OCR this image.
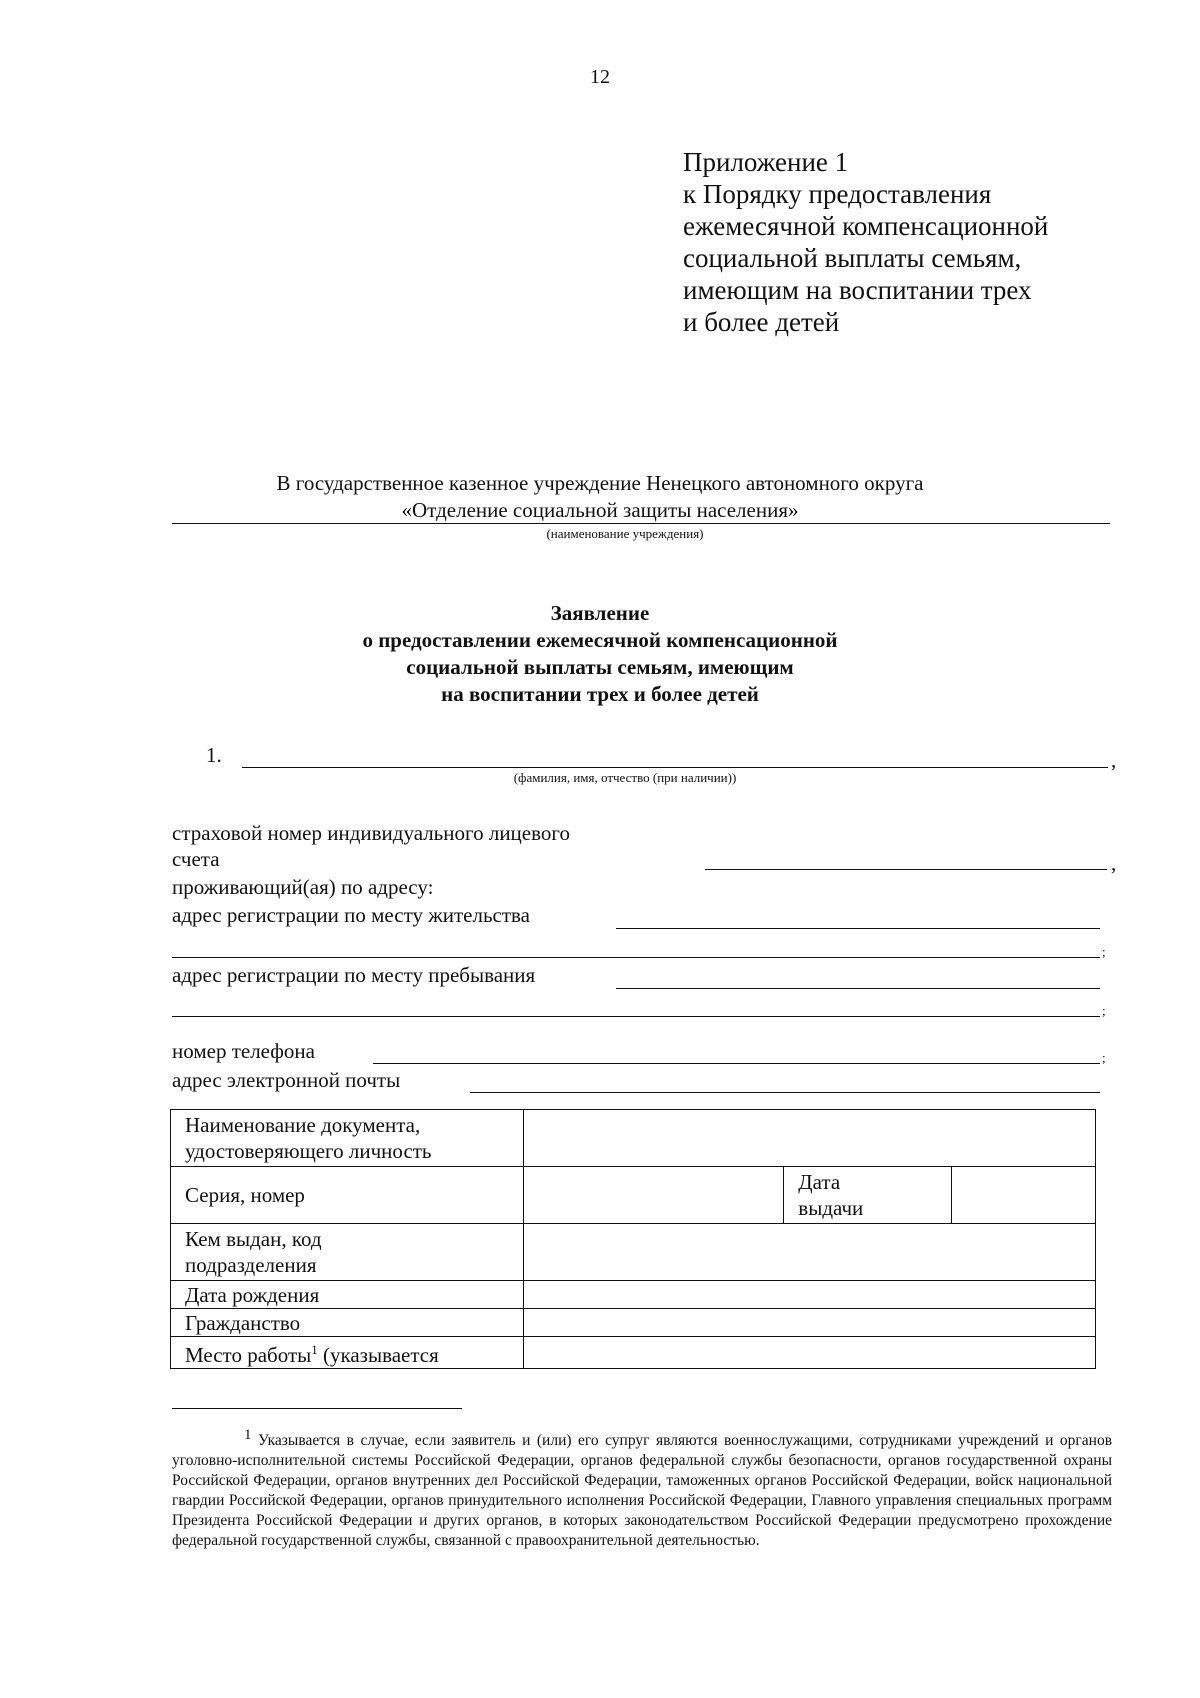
12
Приложение 1
к Порядку предоставления
ежемесячной компенсационной
социальной выплаты семьям,
имеющим на воспитании трех
и более детей
В государственное казенное учреждение Ненецкого автономного округа
«Отделение социальной защиты населения»
(наименование учреждения)
Заявление
о предоставлении ежемесячной компенсационной
социальной выплаты семьям, имеющим
на воспитании трех и более детей
1.	,
(фамилия, имя, отчество (при наличии))
страховой номер индивидуального лицевого
счета	,
проживающий(ая) по адресу:
адрес регистрации по месту жительства
;
адрес регистрации по месту пребывания
;
номер телефона	;
адрес электронной почты
Наименование документа,
удостоверяющего личность			

Серия, номер		Дата
выдачи	

Кем выдан, код
подразделения			

Дата рождения			
Гражданство			
Место работы$^1$ (указывается			
$^1$ Указывается в случае, если заявитель и (или) его супруг являются военнослужащими, сотрудниками учреждений и органов уголовно-исполнительной системы Российской Федерации, органов федеральной службы безопасности, органов государственной охраны Российской Федерации, органов внутренних дел Российской Федерации, таможенных органов Российской Федерации, войск национальной гвардии Российской Федерации, органов принудительного исполнения Российской Федерации, Главного управления специальных программ Президента Российской Федерации и других органов, в которых законодательством Российской Федерации предусмотрено прохождение федеральной государственной службы, связанной с правоохранительной деятельностью.
